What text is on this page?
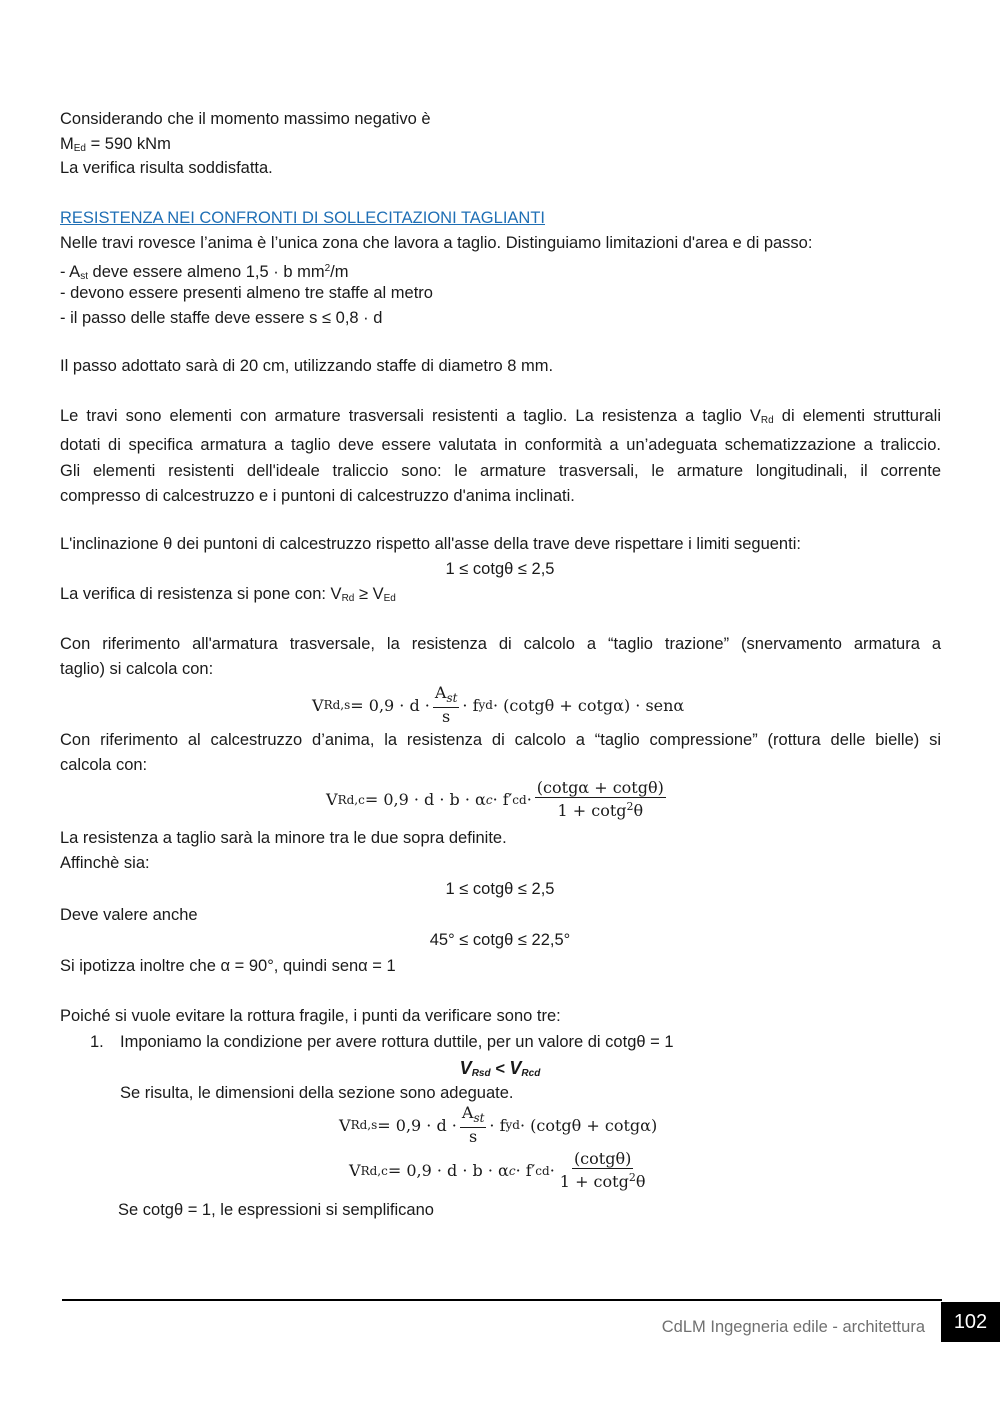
Considerando che il momento massimo negativo è
$M_{Ed} = 590$ kNm
La verifica risulta soddisfatta.
RESISTENZA NEI CONFRONTI DI SOLLECITAZIONI TAGLIANTI
Nelle travi rovesce l’anima è l’unica zona che lavora a taglio. Distinguiamo limitazioni d'area e di passo:
- $A_{st}$ deve essere almeno 1,5 · b $mm^2/m$
- devono essere presenti almeno tre staffe al metro
- il passo delle staffe deve essere s ≤ 0,8 · d
Il passo adottato sarà di 20 cm, utilizzando staffe di diametro 8 mm.
Le travi sono elementi con armature trasversali resistenti a taglio. La resistenza a taglio $V_{Rd}$ di elementi strutturali
dotati di specifica armatura a taglio deve essere valutata in conformità a un’adeguata schematizzazione a traliccio.
Gli elementi resistenti dell'ideale traliccio sono: le armature trasversali, le armature longitudinali, il corrente
compresso di calcestruzzo e i puntoni di calcestruzzo d'anima inclinati.
L'inclinazione θ dei puntoni di calcestruzzo rispetto all'asse della trave deve rispettare i limiti seguenti:
1 ≤ cotgθ ≤ 2,5
La verifica di resistenza si pone con: $V_{Rd} \ge V_{Ed}$
Con riferimento all'armatura trasversale, la resistenza di calcolo a “taglio trazione” (snervamento armatura a
taglio) si calcola con:
V $Rd,s = 0,9 \cdot d \cdot \frac{A_{st}}{s} \cdot f$ yd · (cotgθ + cotgα) · senα
Con riferimento al calcestruzzo d’anima, la resistenza di calcolo a “taglio compressione” (rottura delle bielle) si
calcola con:
V Rd,c = 0,9 · d · b · α c · f′ cd · $\frac{(\cot g\alpha + \cot g\theta)}{1 + \cot g^2\theta}$
La resistenza a taglio sarà la minore tra le due sopra definite.
Affinchè sia:
1 ≤ cotgθ ≤ 2,5
Deve valere anche
45° ≤ cotgθ ≤ 22,5°
Si ipotizza inoltre che α = 90°, quindi senα = 1
Poiché si vuole evitare la rottura fragile, i punti da verificare sono tre:
1. Imponiamo la condizione per avere rottura duttile, per un valore di cotgθ = 1
$V_{Rsd} < V_{Rcd}$
Se risulta, le dimensioni della sezione sono adeguate.
V $Rd,s = 0,9 \cdot d \cdot \frac{A_{st}}{s} \cdot f$ yd · (cotgθ + cotgα)
V Rd,c = 0,9 · d · b · α c · f′ cd · $\frac{(\cot g\theta)}{1 + \cot g^2\theta}$
Se cotgθ = 1, le espressioni si semplificano
CdLM Ingegneria edile - architettura	102
